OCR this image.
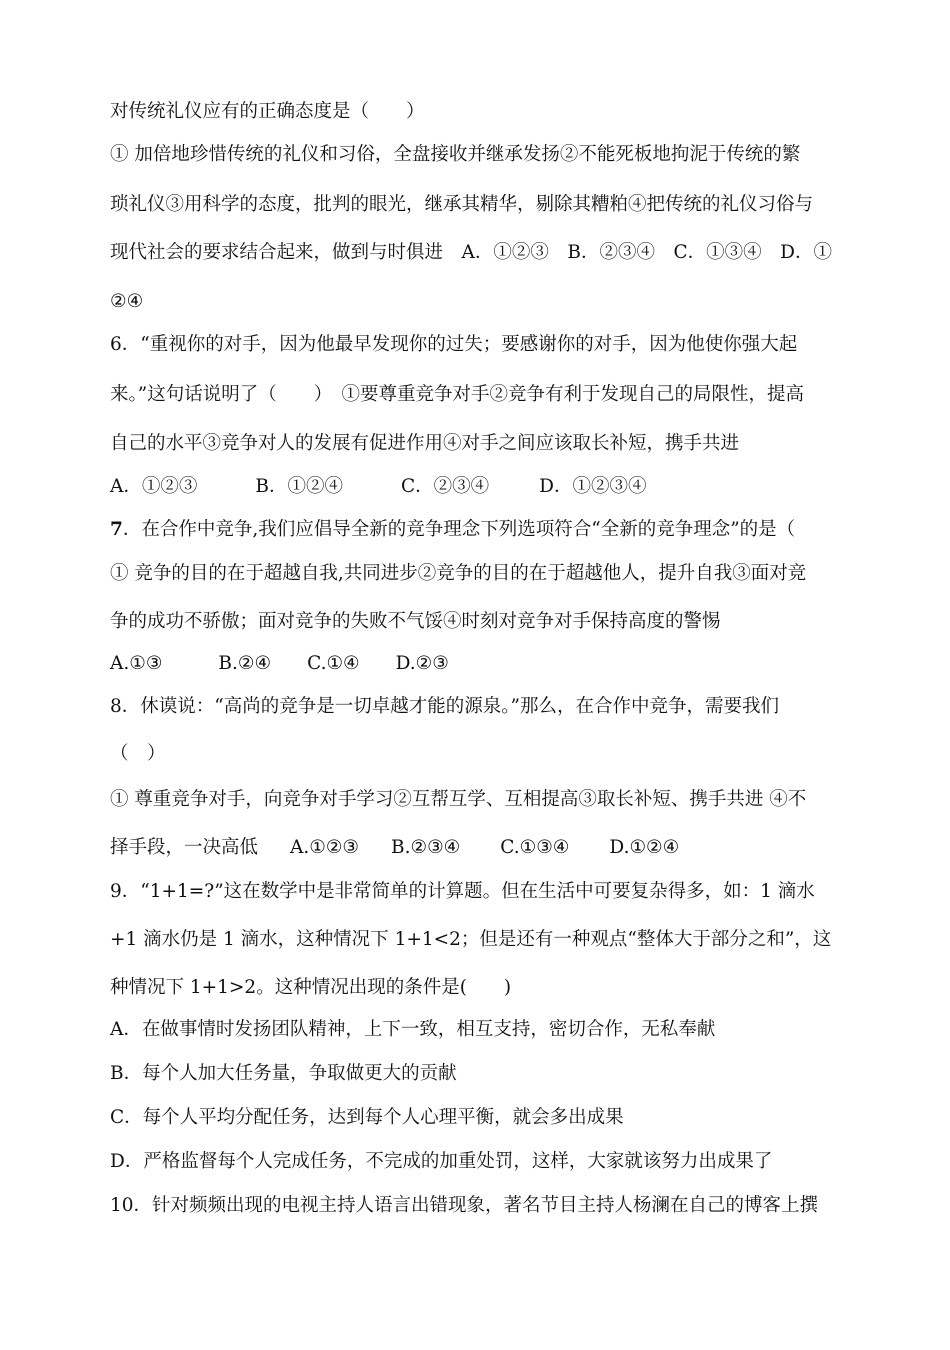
对传统礼仪应有的正确态度是（　　）
① 加倍地珍惜传统的礼仪和习俗，全盘接收并继承发扬②不能死板地拘泥于传统的繁
琐礼仪③用科学的态度，批判的眼光，继承其精华，剔除其糟粕④把传统的礼仪习俗与
现代社会的要求结合起来，做到与时俱进　A．①②③　B．②③④　C．①③④　D．①
②④
6．“重视你的对手，因为他最早发现你的过失；要感谢你的对手，因为他使你强大起
来。”这句话说明了（　　）　①要尊重竞争对手②竞争有利于发现自己的局限性，提高
自己的水平③竞争对人的发展有促进作用④对手之间应该取长补短，携手共进
A．①②③	B．①②④	C．②③④	D．①②③④
7．在合作中竞争,我们应倡导全新的竞争理念下列选项符合“全新的竞争理念”的是（
① 竞争的目的在于超越自我,共同进步②竞争的目的在于超越他人，提升自我③面对竞
争的成功不骄傲；面对竞争的失败不气馁④时刻对竞争对手保持高度的警惕
A.①③	B.②④ C.①④ D.②③
8．休谟说：“高尚的竞争是一切卓越才能的源泉。”那么，在合作中竞争，需要我们
（　）
① 尊重竞争对手，向竞争对手学习②互帮互学、互相提高③取长补短、携手共进 ④不
择手段，一决高低 A.①②③ B.②③④ C.①③④ D.①②④
9．“1+1=?”这在数学中是非常简单的计算题。但在生活中可要复杂得多，如：1 滴水
+1 滴水仍是 1 滴水，这种情况下 1+1<2；但是还有一种观点“整体大于部分之和”，这
种情况下 1+1>2。这种情况出现的条件是(　　)
A．在做事情时发扬团队精神，上下一致，相互支持，密切合作，无私奉献
B．每个人加大任务量，争取做更大的贡献
C．每个人平均分配任务，达到每个人心理平衡，就会多出成果
D．严格监督每个人完成任务，不完成的加重处罚，这样，大家就该努力出成果了
10．针对频频出现的电视主持人语言出错现象，著名节目主持人杨澜在自己的博客上撰
